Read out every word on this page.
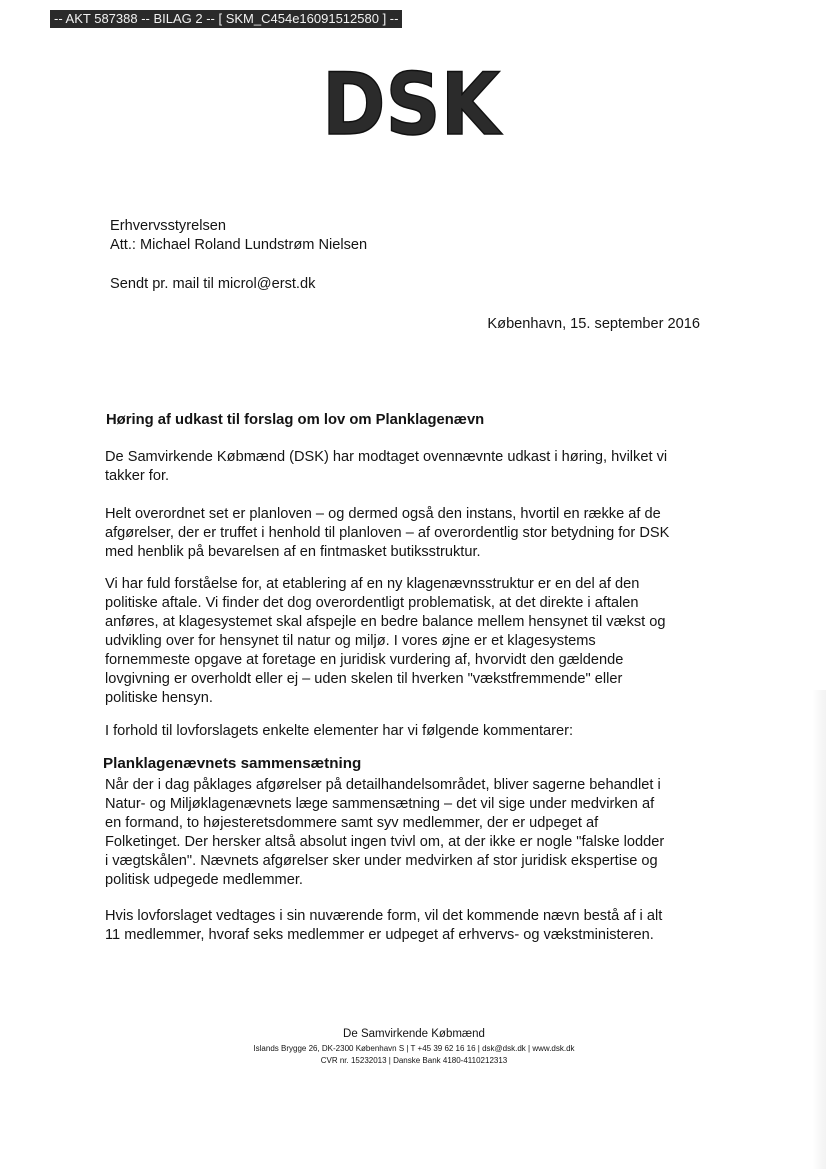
-- AKT 587388 -- BILAG 2 -- [ SKM_C454e16091512580 ] --
DSK
Erhvervsstyrelsen
Att.: Michael Roland Lundstrøm Nielsen
Sendt pr. mail til microl@erst.dk
København, 15. september 2016
Høring af udkast til forslag om lov om Planklagenævn
De Samvirkende Købmænd (DSK) har modtaget ovennævnte udkast i høring, hvilket vi
takker for.
Helt overordnet set er planloven – og dermed også den instans, hvortil en række af de
afgørelser, der er truffet i henhold til planloven – af overordentlig stor betydning for DSK
med henblik på bevarelsen af en fintmasket butiksstruktur.
Vi har fuld forståelse for, at etablering af en ny klagenævnsstruktur er en del af den
politiske aftale. Vi finder det dog overordentligt problematisk, at det direkte i aftalen
anføres, at klagesystemet skal afspejle en bedre balance mellem hensynet til vækst og
udvikling over for hensynet til natur og miljø. I vores øjne er et klagesystems
fornemmeste opgave at foretage en juridisk vurdering af, hvorvidt den gældende
lovgivning er overholdt eller ej – uden skelen til hverken "vækstfremmende" eller
politiske hensyn.
I forhold til lovforslagets enkelte elementer har vi følgende kommentarer:
Planklagenævnets sammensætning
Når der i dag påklages afgørelser på detailhandelsområdet, bliver sagerne behandlet i
Natur- og Miljøklagenævnets læge sammensætning – det vil sige under medvirken af
en formand, to højesteretsdommere samt syv medlemmer, der er udpeget af
Folketinget. Der hersker altså absolut ingen tvivl om, at der ikke er nogle "falske lodder
i vægtskålen". Nævnets afgørelser sker under medvirken af stor juridisk ekspertise og
politisk udpegede medlemmer.
Hvis lovforslaget vedtages i sin nuværende form, vil det kommende nævn bestå af i alt
11 medlemmer, hvoraf seks medlemmer er udpeget af erhvervs- og vækstministeren.
De Samvirkende Købmænd
Islands Brygge 26, DK-2300 København S | T +45 39 62 16 16 | dsk@dsk.dk | www.dsk.dk
CVR nr. 15232013 | Danske Bank 4180-4110212313
